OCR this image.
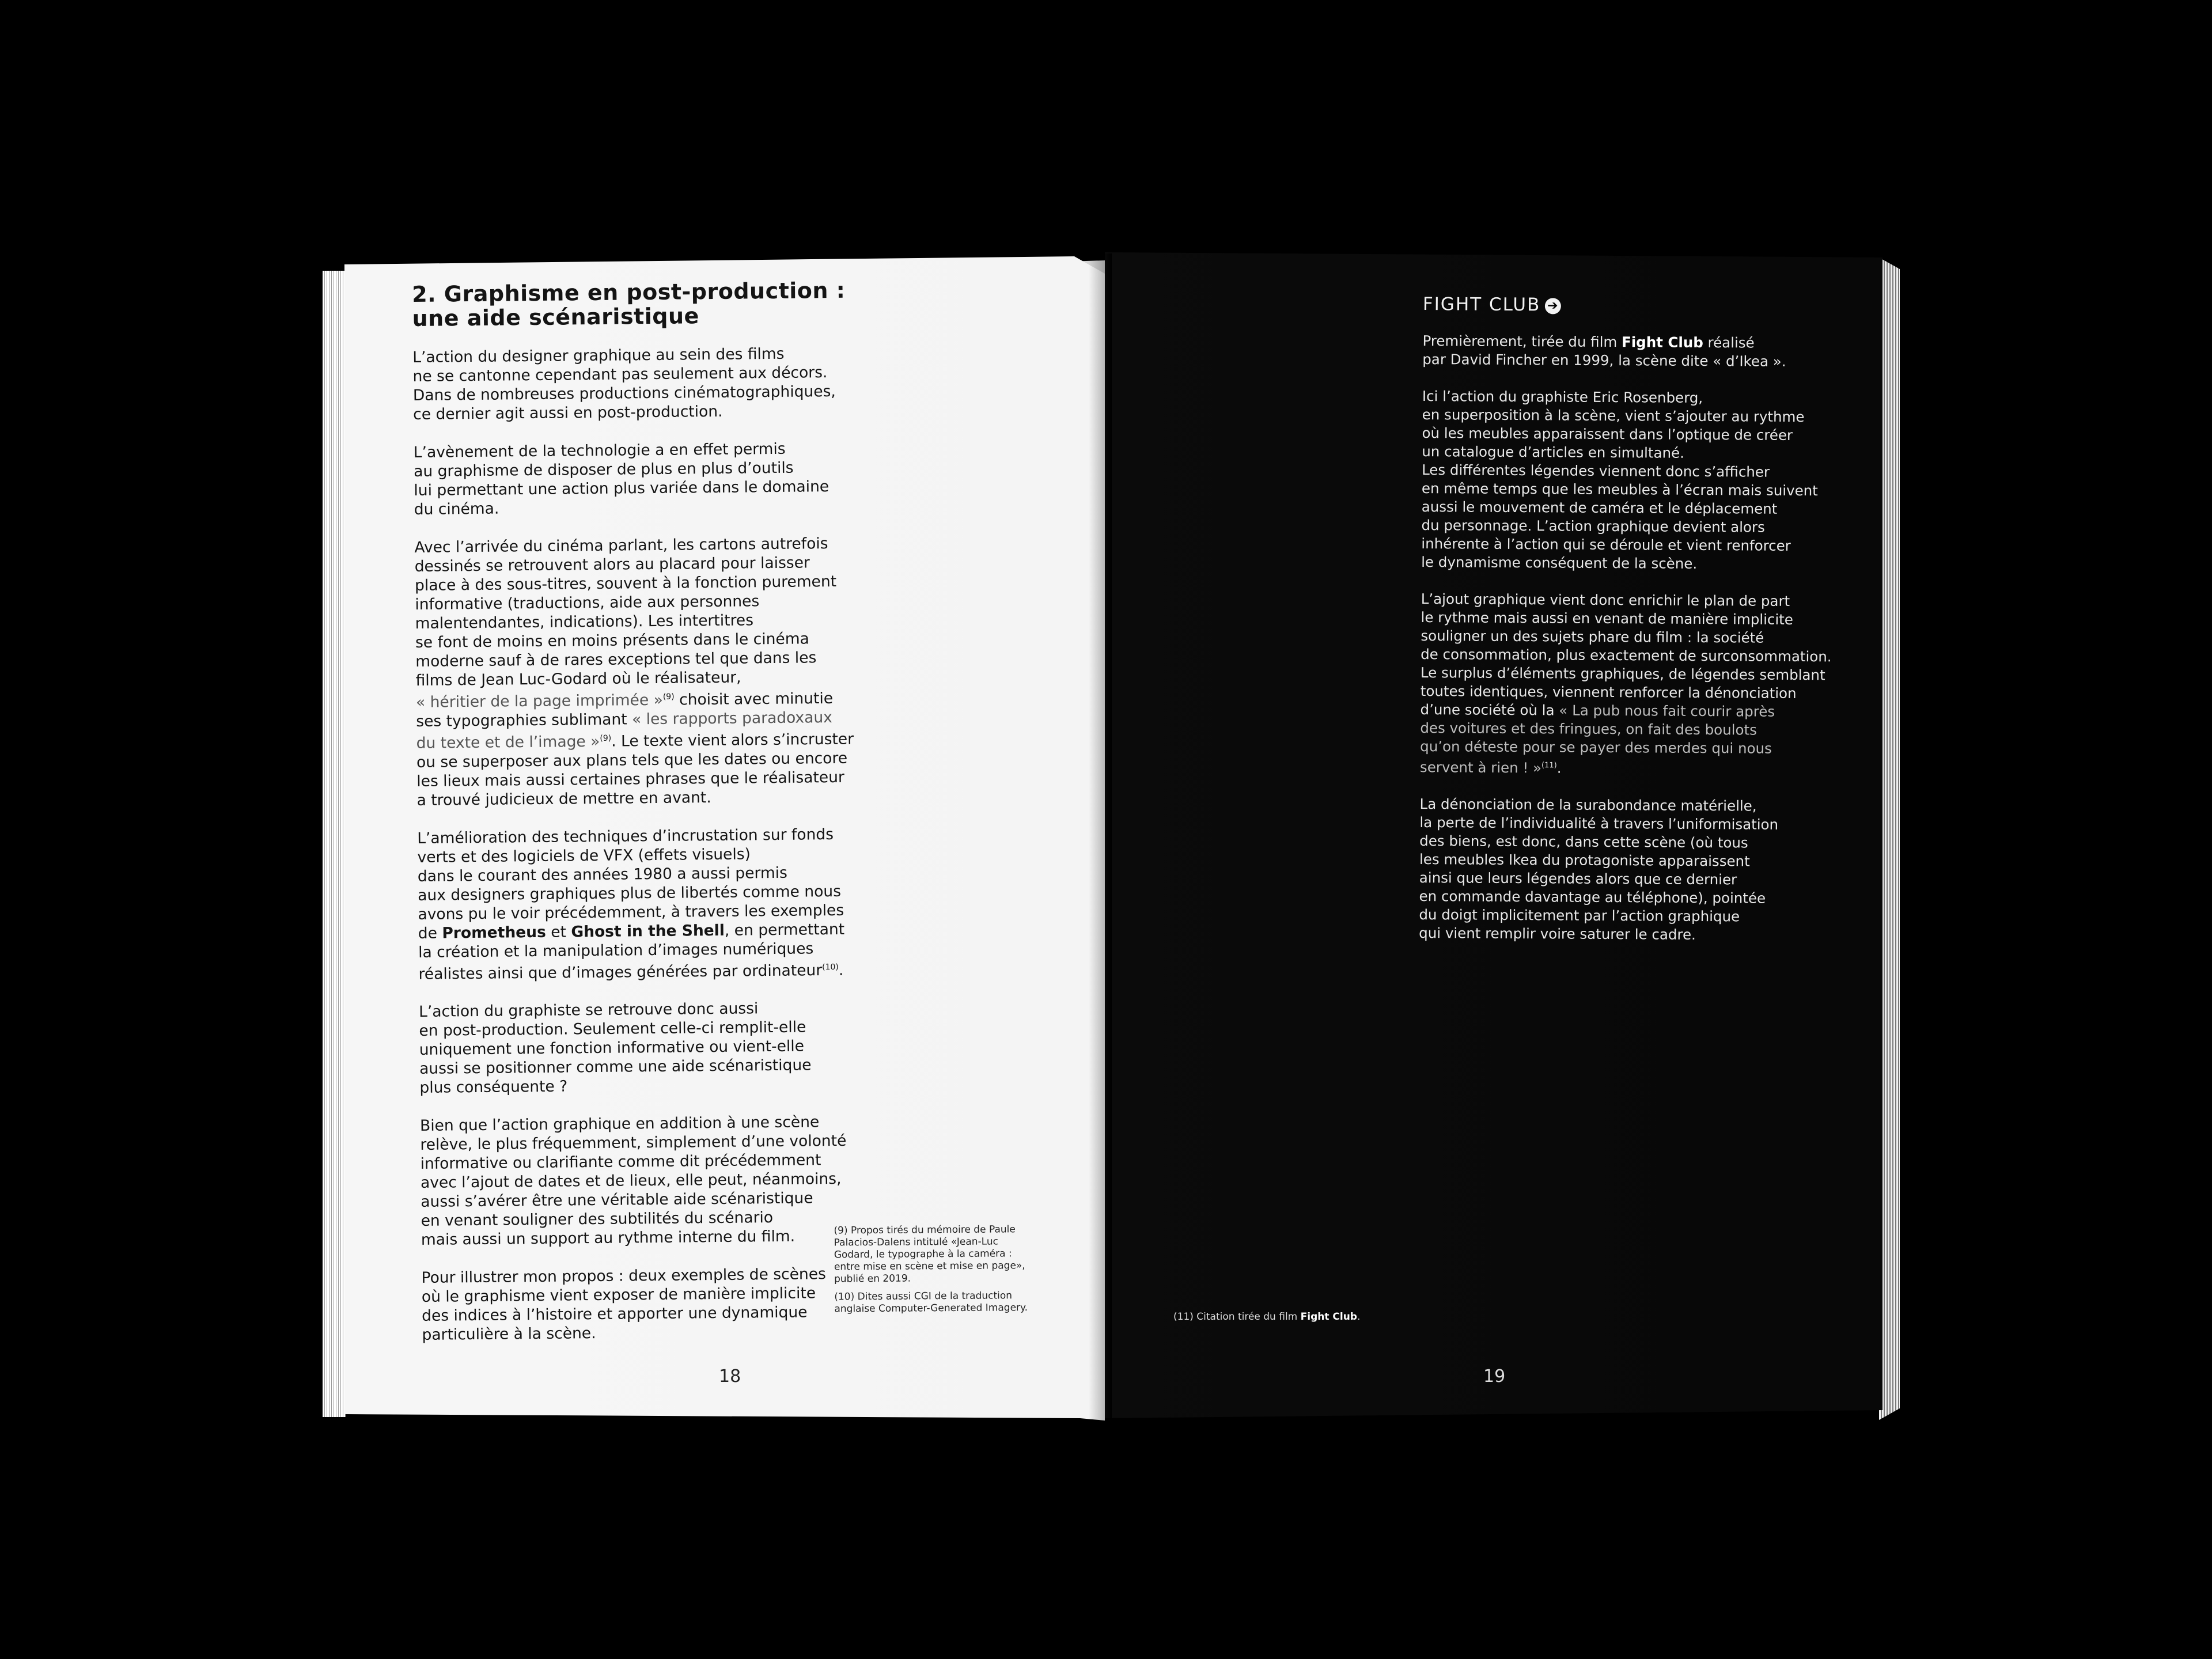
2. Graphisme en post-production :
une aide scénaristique

L’action du designer graphique au sein des films
ne se cantonne cependant pas seulement aux décors.
Dans de nombreuses productions cinématographiques,
ce dernier agit aussi en post-production.

L’avènement de la technologie a en effet permis
au graphisme de disposer de plus en plus d’outils
lui permettant une action plus variée dans le domaine
du cinéma.

Avec l’arrivée du cinéma parlant, les cartons autrefois
dessinés se retrouvent alors au placard pour laisser
place à des sous-titres, souvent à la fonction purement
informative (traductions, aide aux personnes
malentendantes, indications). Les intertitres
se font de moins en moins présents dans le cinéma
moderne sauf à de rares exceptions tel que dans les
films de Jean Luc-Godard où le réalisateur,
« héritier de la page imprimée »$^{(9)}$ choisit avec minutie
ses typographies sublimant « les rapports paradoxaux
du texte et de l’image »$^{(9)}$. Le texte vient alors s’incruster
ou se superposer aux plans tels que les dates ou encore
les lieux mais aussi certaines phrases que le réalisateur
a trouvé judicieux de mettre en avant.

L’amélioration des techniques d’incrustation sur fonds
verts et des logiciels de VFX (effets visuels)
dans le courant des années 1980 a aussi permis
aux designers graphiques plus de libertés comme nous
avons pu le voir précédemment, à travers les exemples
de Prometheus et Ghost in the Shell, en permettant
la création et la manipulation d’images numériques
réalistes ainsi que d’images générées par ordinateur$^{(10)}$.

L’action du graphiste se retrouve donc aussi
en post-production. Seulement celle-ci remplit-elle
uniquement une fonction informative ou vient-elle
aussi se positionner comme une aide scénaristique
plus conséquente ?

Bien que l’action graphique en addition à une scène
relève, le plus fréquemment, simplement d’une volonté
informative ou clarifiante comme dit précédemment
avec l’ajout de dates et de lieux, elle peut, néanmoins,
aussi s’avérer être une véritable aide scénaristique
en venant souligner des subtilités du scénario
mais aussi un support au rythme interne du film.

Pour illustrer mon propos : deux exemples de scènes
où le graphisme vient exposer de manière implicite
des indices à l’histoire et apporter une dynamique
particulière à la scène.

(9) Propos tirés du mémoire de Paule
Palacios-Dalens intitulé «Jean-Luc
Godard, le typographe à la caméra :
entre mise en scène et mise en page»,
publié en 2019.

(10) Dites aussi CGI de la traduction
anglaise Computer-Generated Imagery.

18
FIGHT CLUB ➔

Premièrement, tirée du film Fight Club réalisé
par David Fincher en 1999, la scène dite « d’Ikea ».

Ici l’action du graphiste Eric Rosenberg,
en superposition à la scène, vient s’ajouter au rythme
où les meubles apparaissent dans l’optique de créer
un catalogue d’articles en simultané.
Les différentes légendes viennent donc s’afficher
en même temps que les meubles à l’écran mais suivent
aussi le mouvement de caméra et le déplacement
du personnage. L’action graphique devient alors
inhérente à l’action qui se déroule et vient renforcer
le dynamisme conséquent de la scène.

L’ajout graphique vient donc enrichir le plan de part
le rythme mais aussi en venant de manière implicite
souligner un des sujets phare du film : la société
de consommation, plus exactement de surconsommation.
Le surplus d’éléments graphiques, de légendes semblant
toutes identiques, viennent renforcer la dénonciation
d’une société où la « La pub nous fait courir après
des voitures et des fringues, on fait des boulots
qu’on déteste pour se payer des merdes qui nous
servent à rien ! »$^{(11)}$.

La dénonciation de la surabondance matérielle,
la perte de l’individualité à travers l’uniformisation
des biens, est donc, dans cette scène (où tous
les meubles Ikea du protagoniste apparaissent
ainsi que leurs légendes alors que ce dernier
en commande davantage au téléphone), pointée
du doigt implicitement par l’action graphique
qui vient remplir voire saturer le cadre.

(11) Citation tirée du film Fight Club.
19
